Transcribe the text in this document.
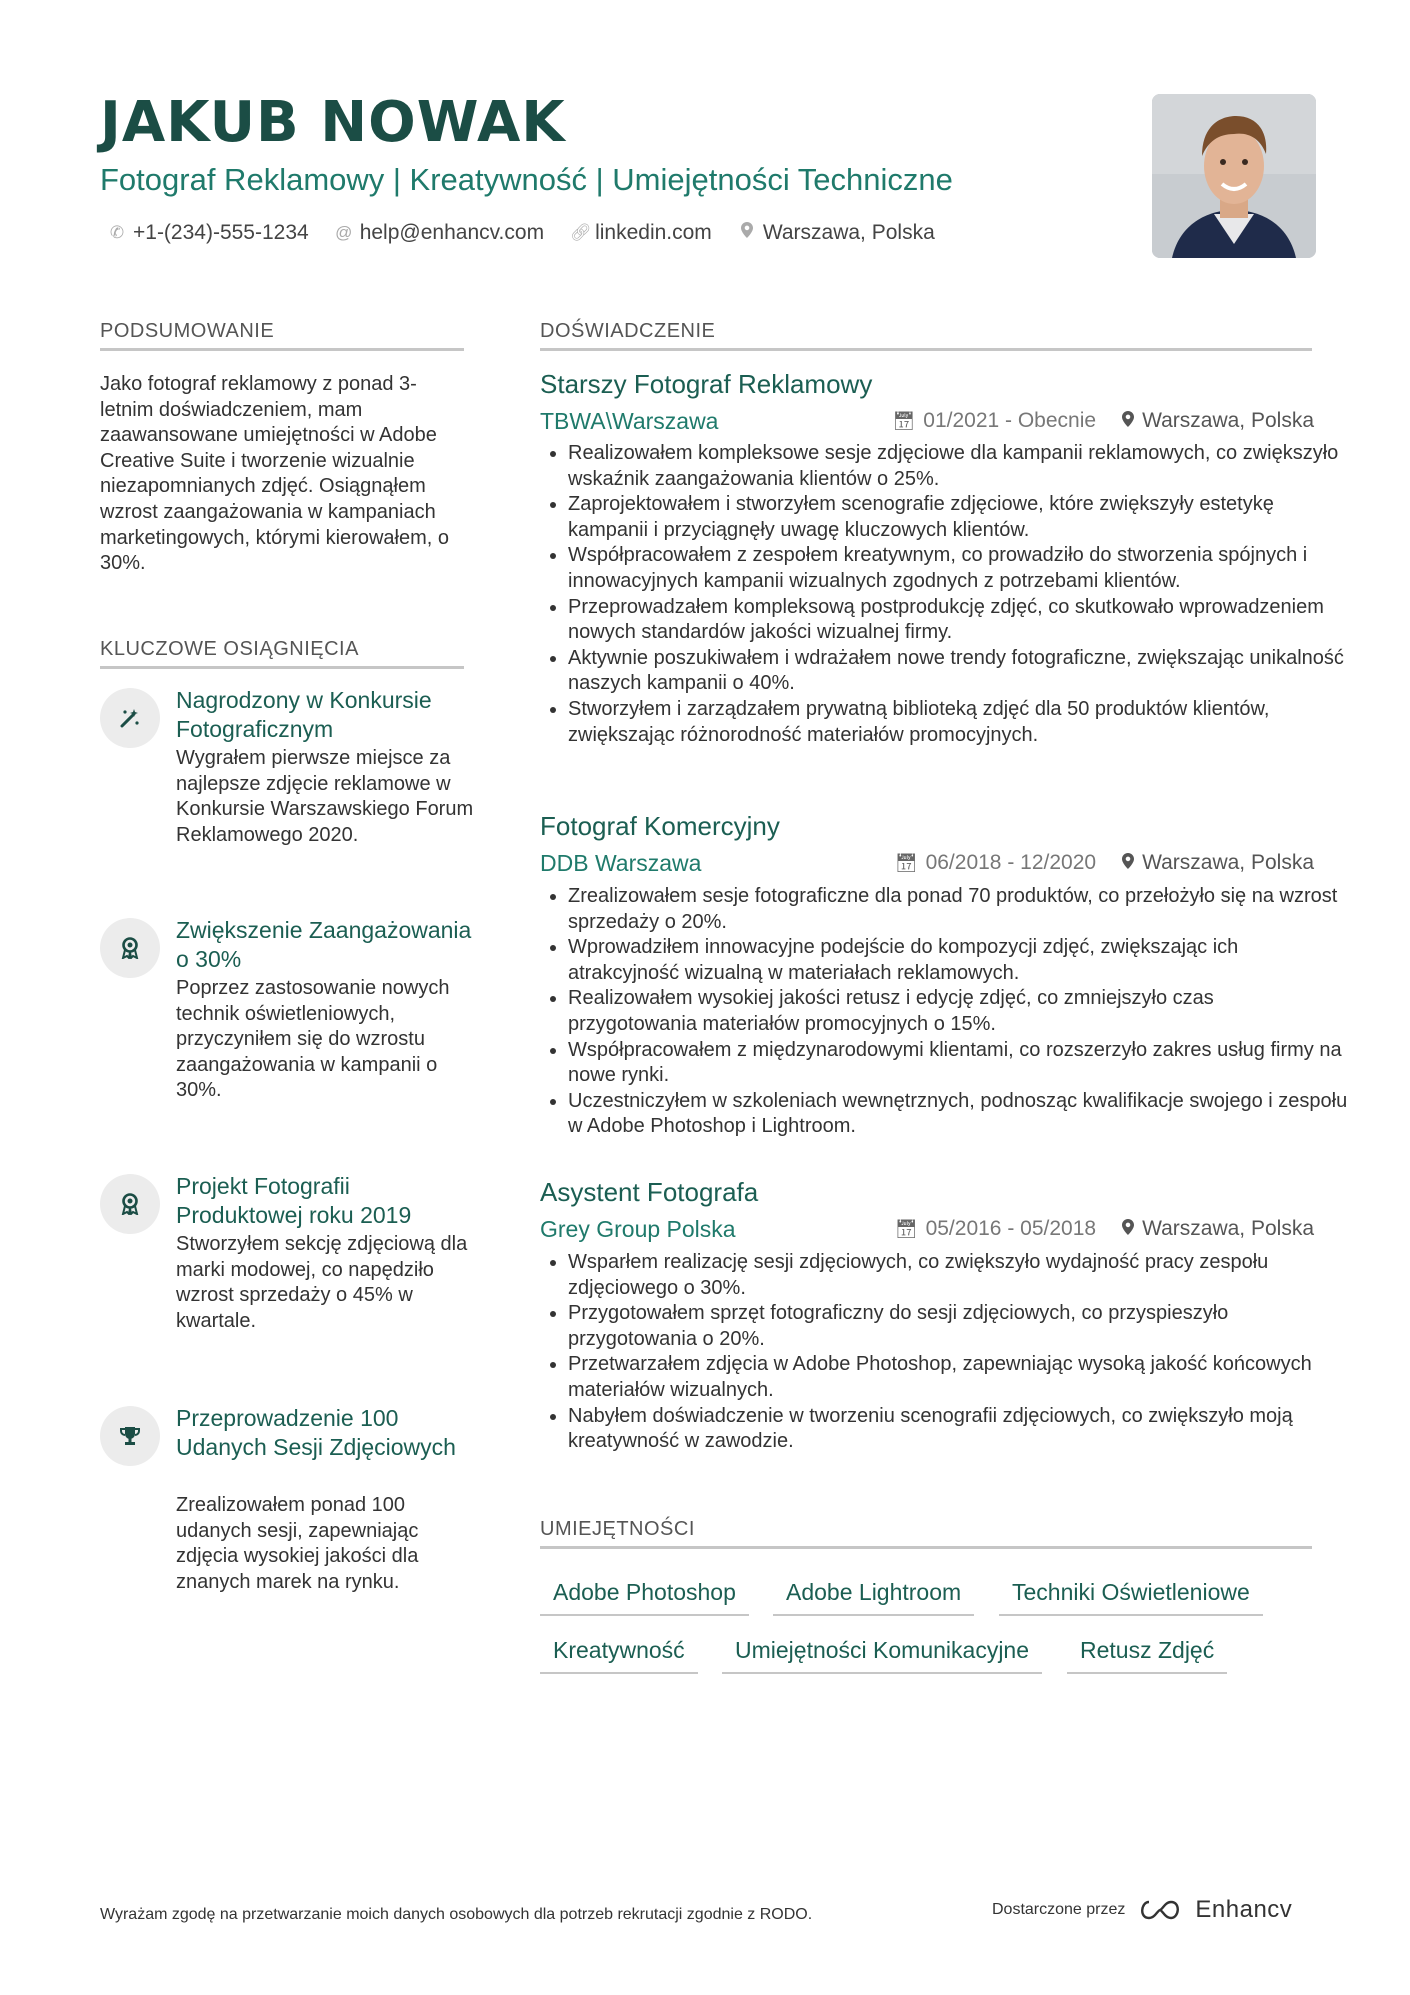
JAKUB NOWAK
Fotograf Reklamowy | Kreatywność | Umiejętności Techniczne
✆ +1-(234)-555-1234 @ help@enhancv.com 🔗︎ linkedin.com Warszawa, Polska
PODSUMOWANIE

Jako fotograf reklamowy z ponad 3-letnim doświadczeniem, mam zaawansowane umiejętności w Adobe Creative Suite i tworzenie wizualnie niezapomnianych zdjęć. Osiągnąłem wzrost zaangażowania w kampaniach marketingowych, którymi kierowałem, o 30%.

KLUCZOWE OSIĄGNIĘCIA
Nagrodzony w Konkursie Fotograficznym
Wygrałem pierwsze miejsce za najlepsze zdjęcie reklamowe w Konkursie Warszawskiego Forum Reklamowego 2020.
Zwiększenie Zaangażowania o 30%
Poprzez zastosowanie nowych technik oświetleniowych, przyczyniłem się do wzrostu zaangażowania w kampanii o 30%.
Projekt Fotografii Produktowej roku 2019
Stworzyłem sekcję zdjęciową dla marki modowej, co napędziło wzrost sprzedaży o 45% w kwartale.
Przeprowadzenie 100 Udanych Sesji Zdjęciowych
Zrealizowałem ponad 100 udanych sesji, zapewniając zdjęcia wysokiej jakości dla znanych marek na rynku.
DOŚWIADCZENIE
Starszy Fotograf Reklamowy
TBWA\Warszawa	📅︎ 01/2021 - Obecnie	Warszawa, Polska
• Realizowałem kompleksowe sesje zdjęciowe dla kampanii reklamowych, co zwiększyło wskaźnik zaangażowania klientów o 25%.
• Zaprojektowałem i stworzyłem scenografie zdjęciowe, które zwiększyły estetykę kampanii i przyciągnęły uwagę kluczowych klientów.
• Współpracowałem z zespołem kreatywnym, co prowadziło do stworzenia spójnych i innowacyjnych kampanii wizualnych zgodnych z potrzebami klientów.
• Przeprowadzałem kompleksową postprodukcję zdjęć, co skutkowało wprowadzeniem nowych standardów jakości wizualnej firmy.
• Aktywnie poszukiwałem i wdrażałem nowe trendy fotograficzne, zwiększając unikalność naszych kampanii o 40%.
• Stworzyłem i zarządzałem prywatną biblioteką zdjęć dla 50 produktów klientów, zwiększając różnorodność materiałów promocyjnych.
Fotograf Komercyjny
DDB Warszawa	📅︎ 06/2018 - 12/2020	Warszawa, Polska
• Zrealizowałem sesje fotograficzne dla ponad 70 produktów, co przełożyło się na wzrost sprzedaży o 20%.
• Wprowadziłem innowacyjne podejście do kompozycji zdjęć, zwiększając ich atrakcyjność wizualną w materiałach reklamowych.
• Realizowałem wysokiej jakości retusz i edycję zdjęć, co zmniejszyło czas przygotowania materiałów promocyjnych o 15%.
• Współpracowałem z międzynarodowymi klientami, co rozszerzyło zakres usług firmy na nowe rynki.
• Uczestniczyłem w szkoleniach wewnętrznych, podnosząc kwalifikacje swojego i zespołu w Adobe Photoshop i Lightroom.
Asystent Fotografa
Grey Group Polska	📅︎ 05/2016 - 05/2018	Warszawa, Polska
• Wsparłem realizację sesji zdjęciowych, co zwiększyło wydajność pracy zespołu zdjęciowego o 30%.
• Przygotowałem sprzęt fotograficzny do sesji zdjęciowych, co przyspieszyło przygotowania o 20%.
• Przetwarzałem zdjęcia w Adobe Photoshop, zapewniając wysoką jakość końcowych materiałów wizualnych.
• Nabyłem doświadczenie w tworzeniu scenografii zdjęciowych, co zwiększyło moją kreatywność w zawodzie.
UMIEJĘTNOŚCI
Adobe Photoshop	Adobe Lightroom	Techniki Oświetleniowe
Kreatywność	Umiejętności Komunikacyjne	Retusz Zdjęć
Wyrażam zgodę na przetwarzanie moich danych osobowych dla potrzeb rekrutacji zgodnie z RODO.	Dostarczone przez	Enhancv
